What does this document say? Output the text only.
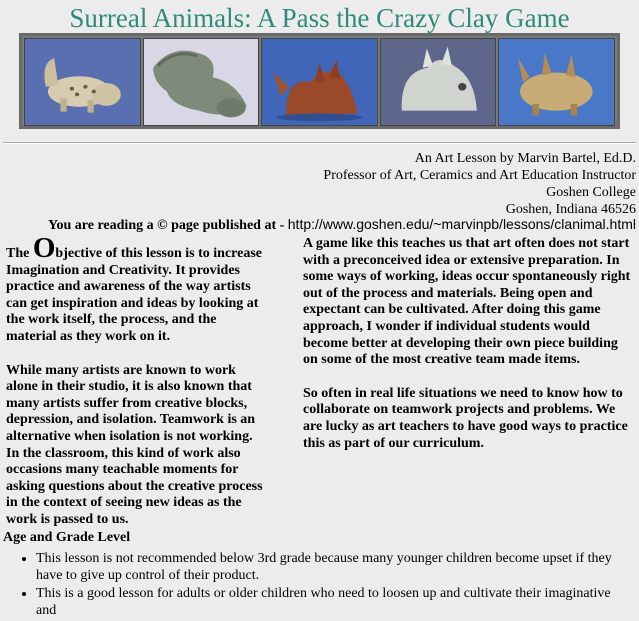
Surreal Animals: A Pass the Crazy Clay Game
An Art Lesson by Marvin Bartel, Ed.D.
Professor of Art, Ceramics and Art Education Instructor
Goshen College
Goshen, Indiana 46526
You are reading a © page published at - http://www.goshen.edu/~marvinpb/lessons/clanimal.html

The Objective of this lesson is to increase Imagination and Creativity. It provides practice and awareness of the way artists can get inspiration and ideas by looking at the work itself, the process, and the material as they work on it.

While many artists are known to work alone in their studio, it is also known that many artists suffer from creative blocks, depression, and isolation. Teamwork is an alternative when isolation is not working. In the classroom, this kind of work also occasions many teachable moments for asking questions about the creative process in the context of seeing new ideas as the work is passed to us.

A game like this teaches us that art often does not start with a preconceived idea or extensive preparation. In some ways of working, ideas occur spontaneously right out of the process and materials. Being open and expectant can be cultivated. After doing this game approach, I wonder if individual students would become better at developing their own piece building on some of the most creative team made items.

So often in real life situations we need to know how to collaborate on teamwork projects and problems. We are lucky as art teachers to have good ways to practice this as part of our curriculum.

Age and Grade Level
• This lesson is not recommended below 3rd grade because many younger children become upset if they have to give up control of their product.
• This is a good lesson for adults or older children who need to loosen up and cultivate their imaginative and
